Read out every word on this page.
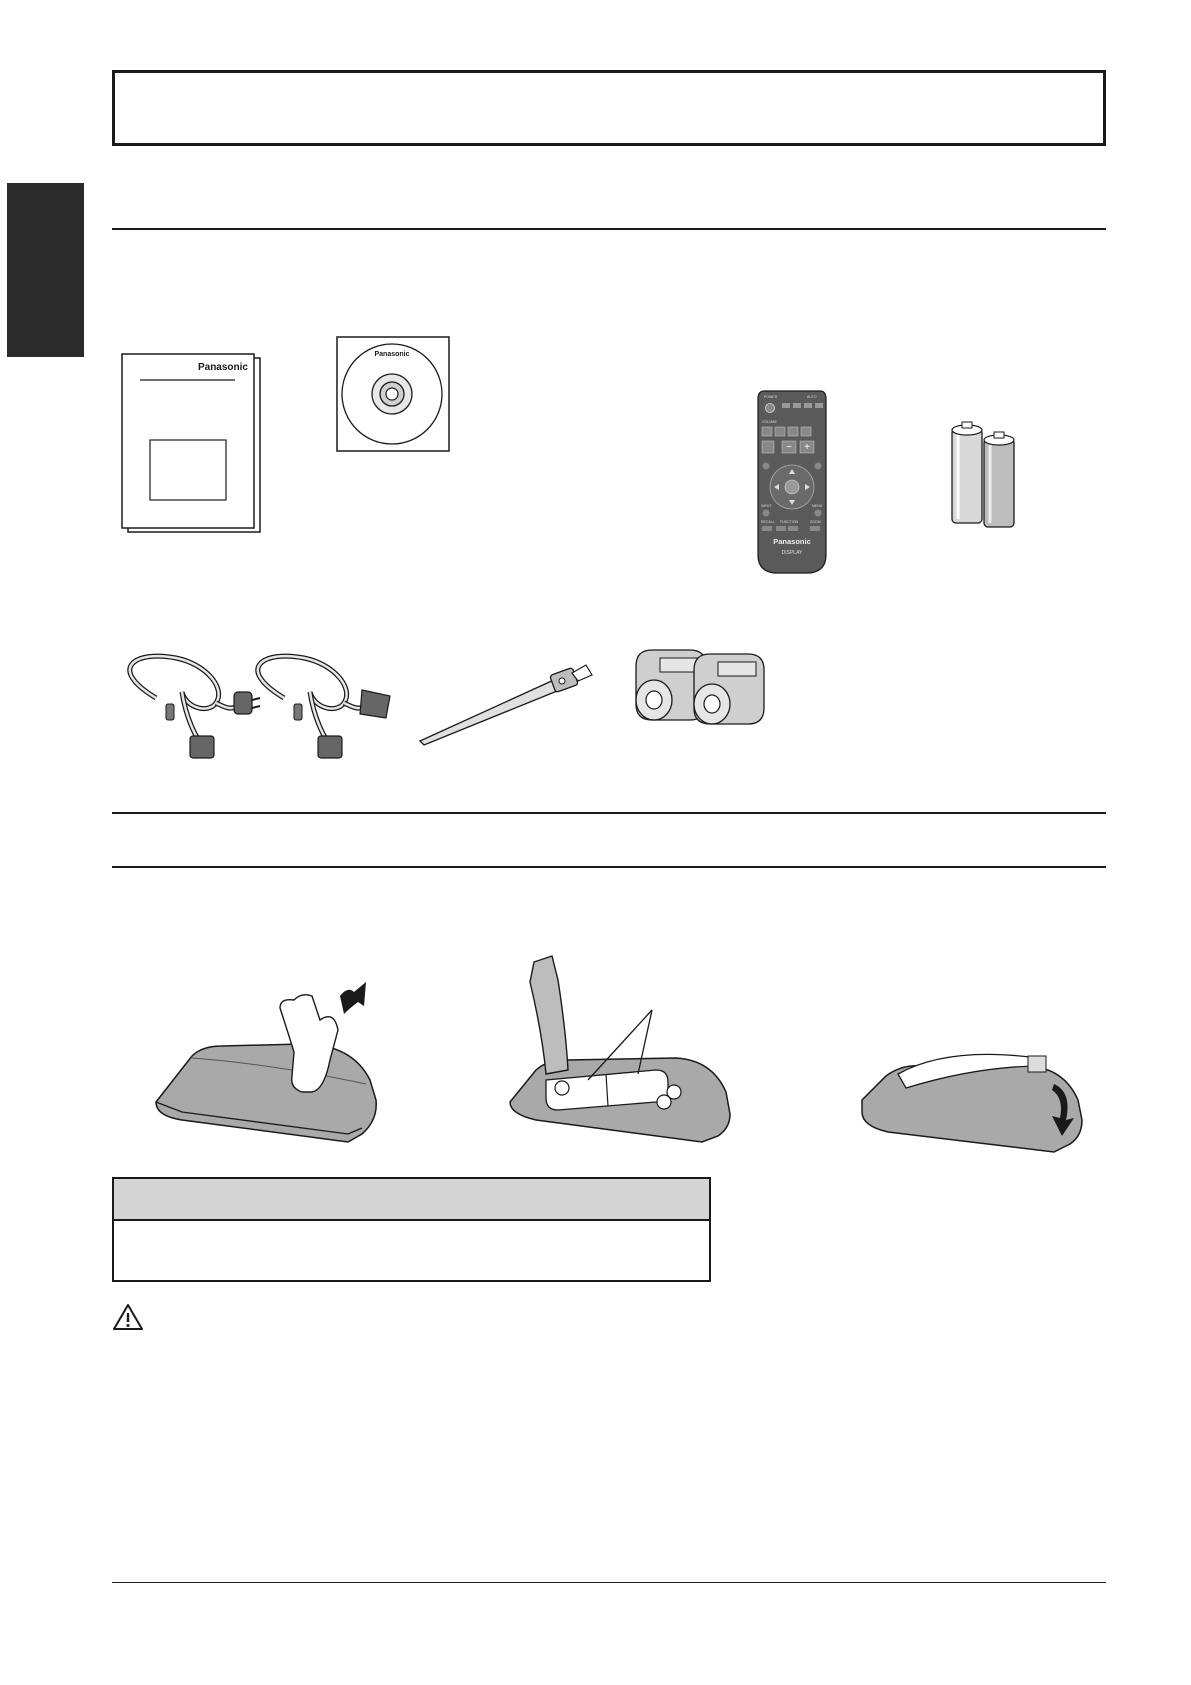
Panasonic
Panasonic
POWER	AUTO
VOLUME
− +
INPUT	MENU
RECALL FUNCTION	ZOOM
Panasonic
DISPLAY
